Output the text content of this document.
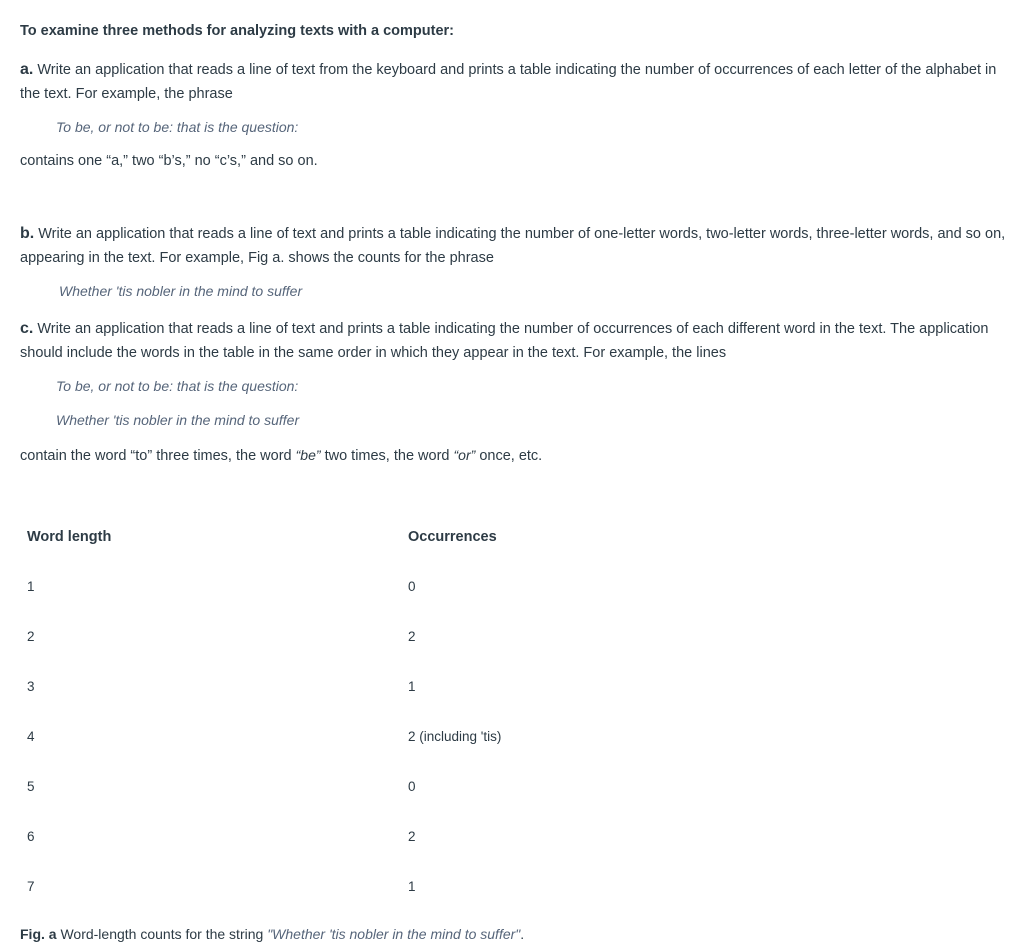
To examine three methods for analyzing texts with a computer:
a. Write an application that reads a line of text from the keyboard and prints a table indicating the number of occurrences of each letter of the alphabet in the text. For example, the phrase
To be, or not to be: that is the question:
contains one “a,” two “b’s,” no “c’s,” and so on.
b. Write an application that reads a line of text and prints a table indicating the number of one-letter words, two-letter words, three-letter words, and so on, appearing in the text. For example, Fig a. shows the counts for the phrase
Whether 'tis nobler in the mind to suffer
c. Write an application that reads a line of text and prints a table indicating the number of occurrences of each different word in the text. The application should include the words in the table in the same order in which they appear in the text. For example, the lines
To be, or not to be: that is the question:
Whether 'tis nobler in the mind to suffer
contain the word “to” three times, the word “be” two times, the word “or” once, etc.
Word length	Occurrences
1	0
2	2
3	1
4	2 (including 'tis)
5	0
6	2
7	1
Fig. a Word-length counts for the string "Whether 'tis nobler in the mind to suffer".
